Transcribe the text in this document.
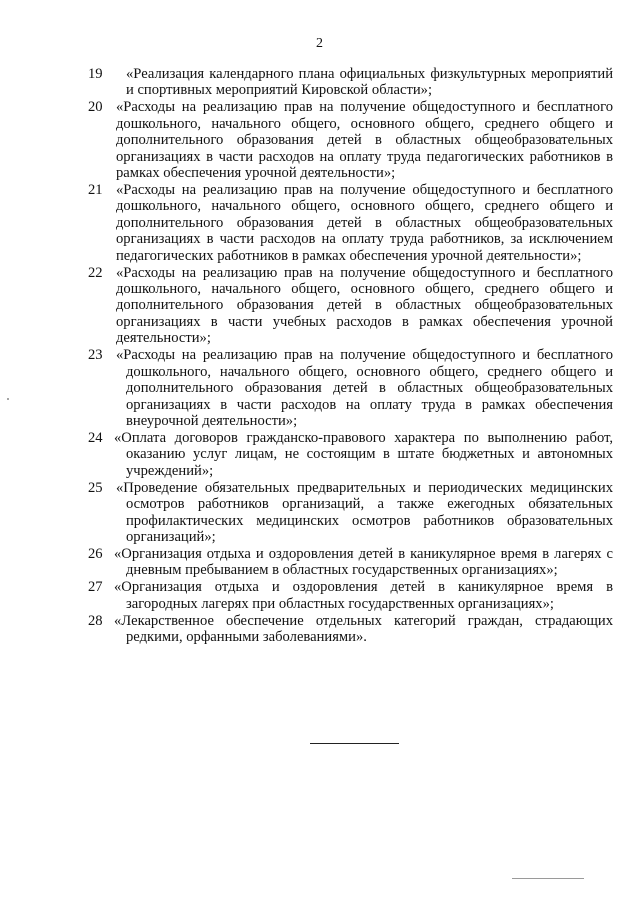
2
19 «Реализация календарного плана официальных физкультурных мероприятий и спортивных мероприятий Кировской области»;
20 «Расходы на реализацию прав на получение общедоступного и бесплатного дошкольного, начального общего, основного общего, среднего общего и дополнительного образования детей в областных общеобразовательных организациях в части расходов на оплату труда педагогических работников в рамках обеспечения урочной деятельности»;
21 «Расходы на реализацию прав на получение общедоступного и бесплатного дошкольного, начального общего, основного общего, среднего общего и дополнительного образования детей в областных общеобразовательных организациях в части расходов на оплату труда работников, за исключением педагогических работников в рамках обеспечения урочной деятельности»;
22 «Расходы на реализацию прав на получение общедоступного и бесплатного дошкольного, начального общего, основного общего, среднего общего и дополнительного образования детей в областных общеобразовательных организациях в части учебных расходов в рамках обеспечения урочной деятельности»;
23 «Расходы на реализацию прав на получение общедоступного и бесплатного дошкольного, начального общего, основного общего, среднего общего и дополнительного образования детей в областных общеобразовательных организациях в части расходов на оплату труда в рамках обеспечения внеурочной деятельности»;
24 «Оплата договоров гражданско-правового характера по выполнению работ, оказанию услуг лицам, не состоящим в штате бюджетных и автономных учреждений»;
25 «Проведение обязательных предварительных и периодических медицинских осмотров работников организаций, а также ежегодных обязательных профилактических медицинских осмотров работников образовательных организаций»;
26 «Организация отдыха и оздоровления детей в каникулярное время в лагерях с дневным пребыванием в областных государственных организациях»;
27 «Организация отдыха и оздоровления детей в каникулярное время в загородных лагерях при областных государственных организациях»;
28 «Лекарственное обеспечение отдельных категорий граждан, страдающих редкими, орфанными заболеваниями».
